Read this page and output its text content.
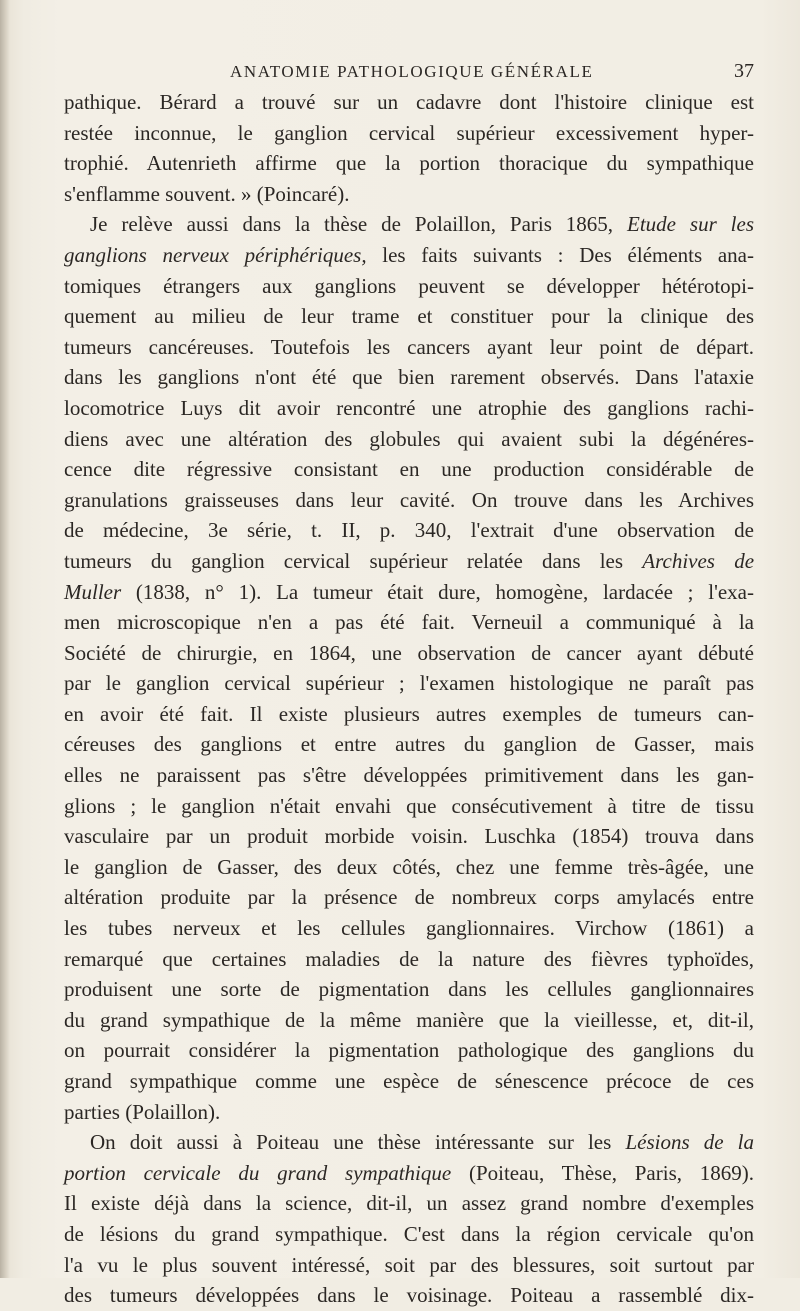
ANATOMIE PATHOLOGIQUE GÉNÉRALE	37
pathique. Bérard a trouvé sur un cadavre dont l'histoire clinique est
restée inconnue, le ganglion cervical supérieur excessivement hyper-
trophié. Autenrieth affirme que la portion thoracique du sympathique
s'enflamme souvent. » (Poincaré).
Je relève aussi dans la thèse de Polaillon, Paris 1865, Etude sur les
ganglions nerveux périphériques, les faits suivants : Des éléments ana-
tomiques étrangers aux ganglions peuvent se développer hétérotopi-
quement au milieu de leur trame et constituer pour la clinique des
tumeurs cancéreuses. Toutefois les cancers ayant leur point de départ.
dans les ganglions n'ont été que bien rarement observés. Dans l'ataxie
locomotrice Luys dit avoir rencontré une atrophie des ganglions rachi-
diens avec une altération des globules qui avaient subi la dégénéres-
cence dite régressive consistant en une production considérable de
granulations graisseuses dans leur cavité. On trouve dans les Archives
de médecine, 3e série, t. II, p. 340, l'extrait d'une observation de
tumeurs du ganglion cervical supérieur relatée dans les Archives de
Muller (1838, n° 1). La tumeur était dure, homogène, lardacée ; l'exa-
men microscopique n'en a pas été fait. Verneuil a communiqué à la
Société de chirurgie, en 1864, une observation de cancer ayant débuté
par le ganglion cervical supérieur ; l'examen histologique ne paraît pas
en avoir été fait. Il existe plusieurs autres exemples de tumeurs can-
céreuses des ganglions et entre autres du ganglion de Gasser, mais
elles ne paraissent pas s'être développées primitivement dans les gan-
glions ; le ganglion n'était envahi que consécutivement à titre de tissu
vasculaire par un produit morbide voisin. Luschka (1854) trouva dans
le ganglion de Gasser, des deux côtés, chez une femme très-âgée, une
altération produite par la présence de nombreux corps amylacés entre
les tubes nerveux et les cellules ganglionnaires. Virchow (1861) a
remarqué que certaines maladies de la nature des fièvres typhoïdes,
produisent une sorte de pigmentation dans les cellules ganglionnaires
du grand sympathique de la même manière que la vieillesse, et, dit-il,
on pourrait considérer la pigmentation pathologique des ganglions du
grand sympathique comme une espèce de sénescence précoce de ces
parties (Polaillon).
On doit aussi à Poiteau une thèse intéressante sur les Lésions de la
portion cervicale du grand sympathique (Poiteau, Thèse, Paris, 1869).
Il existe déjà dans la science, dit-il, un assez grand nombre d'exemples
de lésions du grand sympathique. C'est dans la région cervicale qu'on
l'a vu le plus souvent intéressé, soit par des blessures, soit surtout par
des tumeurs développées dans le voisinage. Poiteau a rassemblé dix-
